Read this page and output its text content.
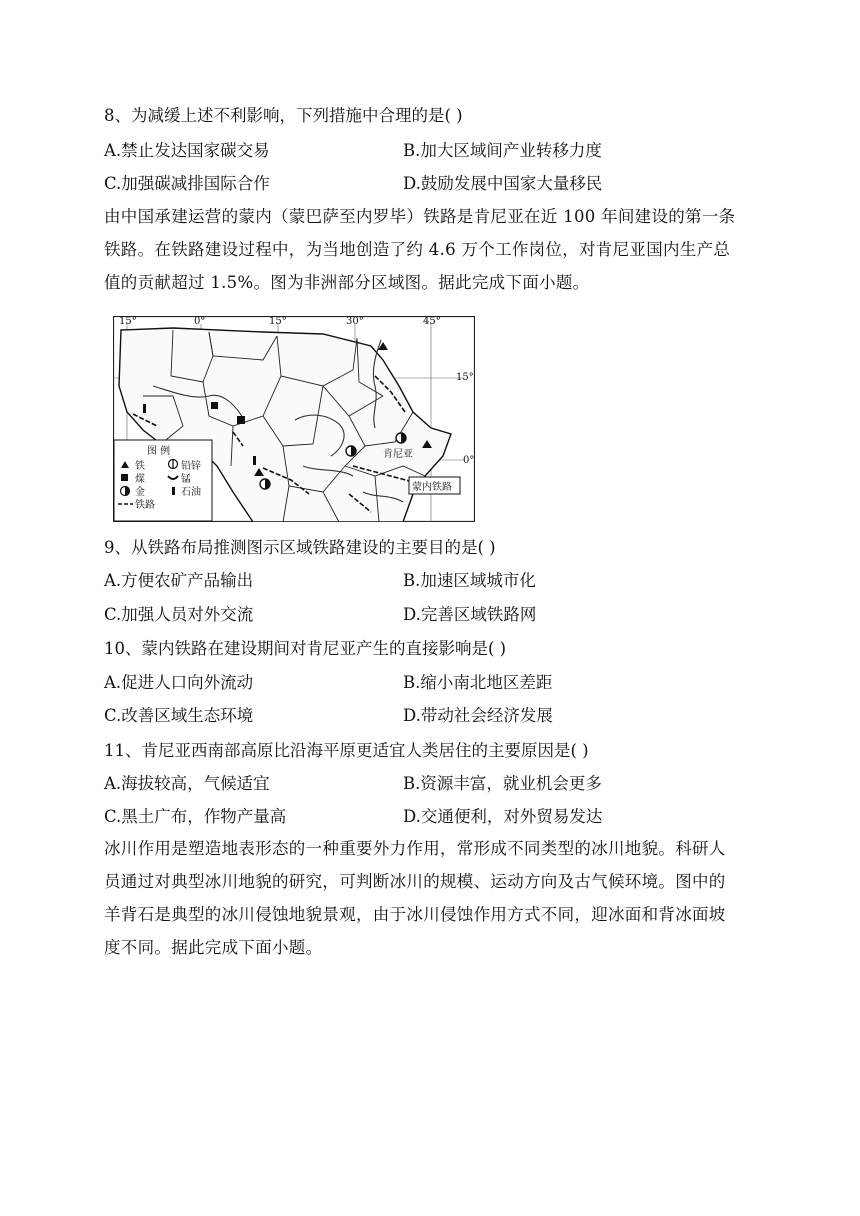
8、为减缓上述不利影响，下列措施中合理的是( )
A.禁止发达国家碳交易	B.加大区域间产业转移力度
C.加强碳减排国际合作	D.鼓励发展中国家大量移民
由中国承建运营的蒙内（蒙巴萨至内罗毕）铁路是肯尼亚在近 100 年间建设的第一条
铁路。在铁路建设过程中，为当地创造了约 4.6 万个工作岗位，对肯尼亚国内生产总
值的贡献超过 1.5%。图为非洲部分区域图。据此完成下面小题。
15°	0°	15°	30°	45°
15°
0°
肯尼亚
蒙内铁路
图 例
铁	铅锌
煤	锰
金	石油
铁路
9、从铁路布局推测图示区域铁路建设的主要目的是( )
A.方便农矿产品输出	B.加速区域城市化
C.加强人员对外交流	D.完善区域铁路网
10、蒙内铁路在建设期间对肯尼亚产生的直接影响是( )
A.促进人口向外流动	B.缩小南北地区差距
C.改善区域生态环境	D.带动社会经济发展
11、肯尼亚西南部高原比沿海平原更适宜人类居住的主要原因是( )
A.海拔较高，气候适宜	B.资源丰富，就业机会更多
C.黑土广布，作物产量高	D.交通便利，对外贸易发达
冰川作用是塑造地表形态的一种重要外力作用，常形成不同类型的冰川地貌。科研人
员通过对典型冰川地貌的研究，可判断冰川的规模、运动方向及古气候环境。图中的
羊背石是典型的冰川侵蚀地貌景观，由于冰川侵蚀作用方式不同，迎冰面和背冰面坡
度不同。据此完成下面小题。
